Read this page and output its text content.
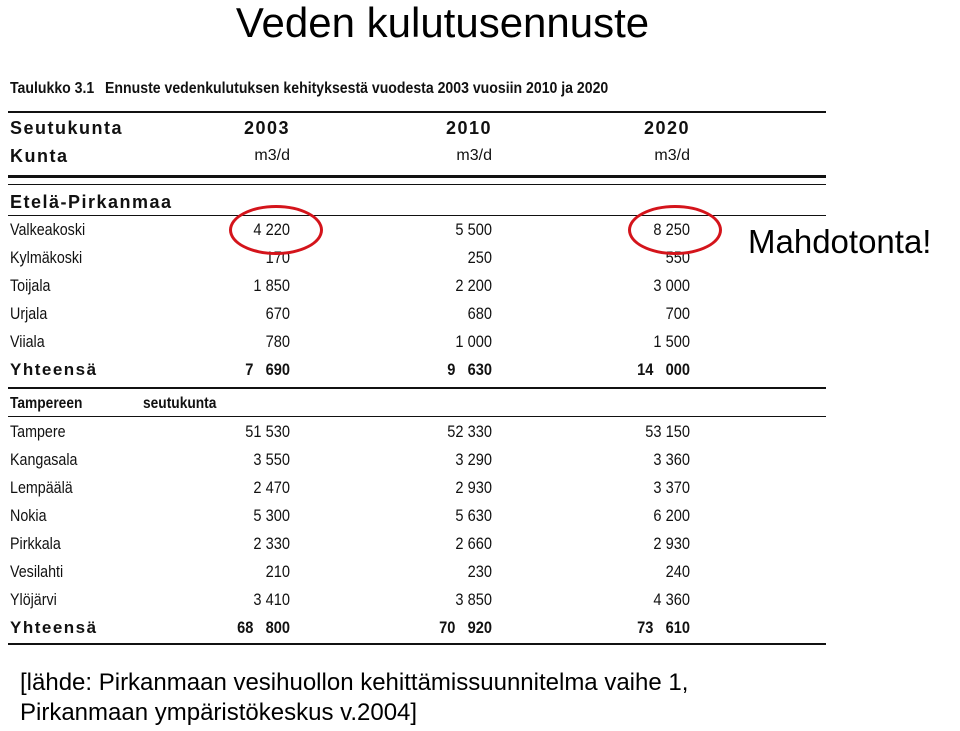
Veden kulutusennuste
Taulukko 3.1 Ennuste vedenkulutuksen kehityksestä vuodesta 2003 vuosiin 2010 ja 2020
Seutukunta	2003	2010	2020
Kunta	m3/d	m3/d	m3/d
Etelä-Pirkanmaa
Valkeakoski	4 220	5 500	8 250
Kylmäkoski	170	250	550
Toijala	1 850	2 200	3 000
Urjala	670	680	700
Viiala	780	1 000	1 500
Yhteensä	7   690	9   630	14   000
Tampereen	seutukunta
Tampere	51 530	52 330	53 150
Kangasala	3 550	3 290	3 360
Lempäälä	2 470	2 930	3 370
Nokia	5 300	5 630	6 200
Pirkkala	2 330	2 660	2 930
Vesilahti	210	230	240
Ylöjärvi	3 410	3 850	4 360
Yhteensä	68   800	70   920	73   610
Mahdotonta!
[lähde: Pirkanmaan vesihuollon kehittämissuunnitelma vaihe 1,
Pirkanmaan ympäristökeskus v.2004]
